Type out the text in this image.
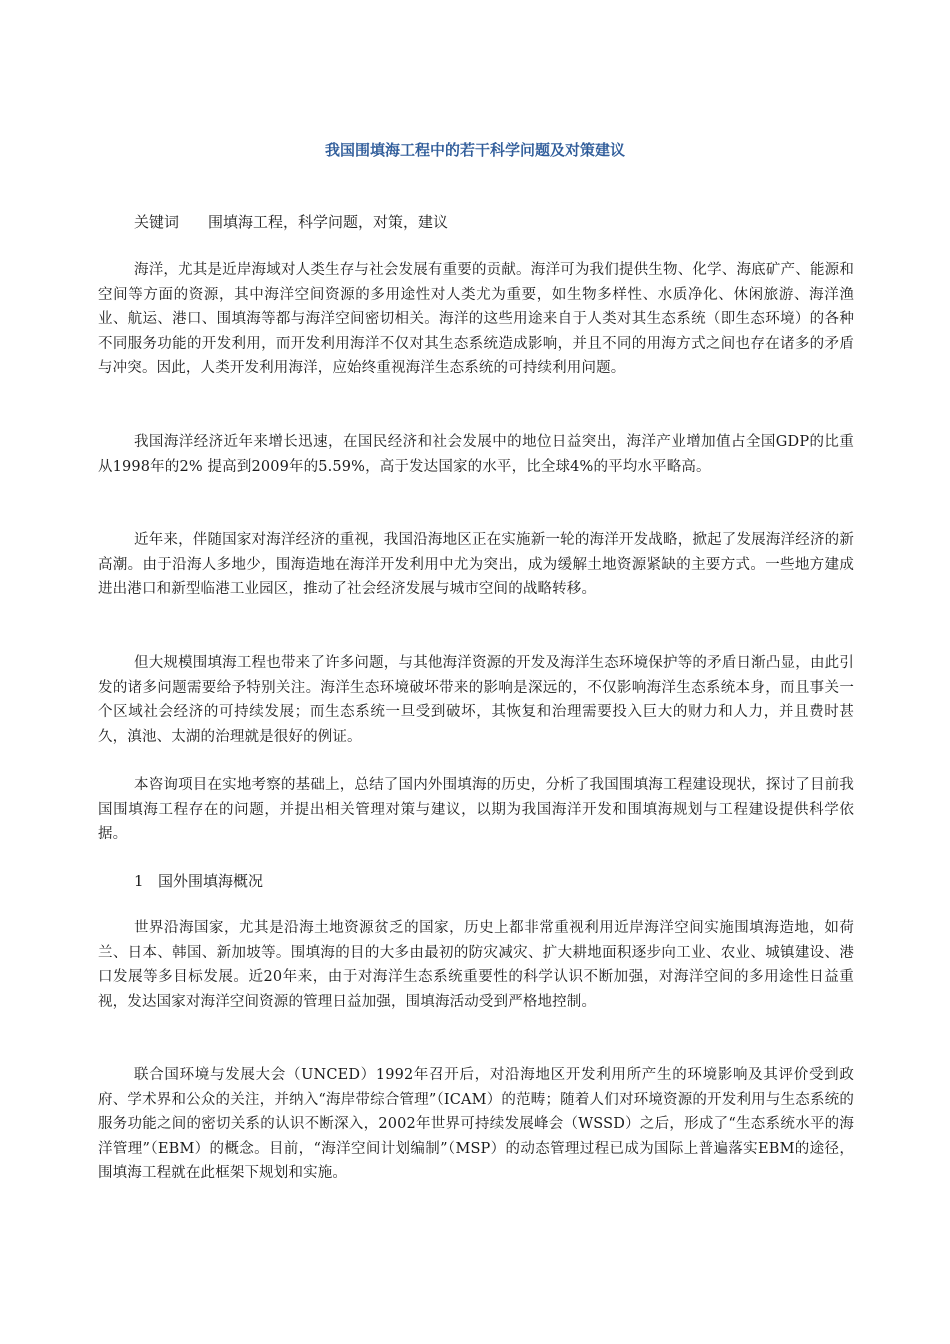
我国围填海工程中的若干科学问题及对策建议
关键词 围填海工程，科学问题，对策，建议

海洋，尤其是近岸海域对人类生存与社会发展有重要的贡献。海洋可为我们提供生物、化学、海底矿产、能源和空间等方面的资源，其中海洋空间资源的多用途性对人类尤为重要，如生物多样性、水质净化、休闲旅游、海洋渔业、航运、港口、围填海等都与海洋空间密切相关。海洋的这些用途来自于人类对其生态系统（即生态环境）的各种不同服务功能的开发利用，而开发利用海洋不仅对其生态系统造成影响，并且不同的用海方式之间也存在诸多的矛盾与冲突。因此，人类开发利用海洋，应始终重视海洋生态系统的可持续利用问题。

我国海洋经济近年来增长迅速，在国民经济和社会发展中的地位日益突出，海洋产业增加值占全国GDP的比重从1998年的2% 提高到2009年的5.59%，高于发达国家的水平，比全球4%的平均水平略高。

近年来，伴随国家对海洋经济的重视，我国沿海地区正在实施新一轮的海洋开发战略，掀起了发展海洋经济的新高潮。由于沿海人多地少，围海造地在海洋开发利用中尤为突出，成为缓解土地资源紧缺的主要方式。一些地方建成进出港口和新型临港工业园区，推动了社会经济发展与城市空间的战略转移。

但大规模围填海工程也带来了许多问题，与其他海洋资源的开发及海洋生态环境保护等的矛盾日渐凸显，由此引发的诸多问题需要给予特别关注。海洋生态环境破坏带来的影响是深远的，不仅影响海洋生态系统本身，而且事关一个区域社会经济的可持续发展；而生态系统一旦受到破坏，其恢复和治理需要投入巨大的财力和人力，并且费时甚久，滇池、太湖的治理就是很好的例证。

本咨询项目在实地考察的基础上，总结了国内外围填海的历史，分析了我国围填海工程建设现状，探讨了目前我国围填海工程存在的问题，并提出相关管理对策与建议，以期为我国海洋开发和围填海规划与工程建设提供科学依据。

1 国外围填海概况

世界沿海国家，尤其是沿海土地资源贫乏的国家，历史上都非常重视利用近岸海洋空间实施围填海造地，如荷兰、日本、韩国、新加坡等。围填海的目的大多由最初的防灾减灾、扩大耕地面积逐步向工业、农业、城镇建设、港口发展等多目标发展。近20年来，由于对海洋生态系统重要性的科学认识不断加强，对海洋空间的多用途性日益重视，发达国家对海洋空间资源的管理日益加强，围填海活动受到严格地控制。

联合国环境与发展大会（UNCED）1992年召开后，对沿海地区开发利用所产生的环境影响及其评价受到政府、学术界和公众的关注，并纳入“海岸带综合管理”（ICAM）的范畴；随着人们对环境资源的开发利用与生态系统的服务功能之间的密切关系的认识不断深入，2002年世界可持续发展峰会（WSSD）之后，形成了“生态系统水平的海洋管理”（EBM）的概念。目前，“海洋空间计划编制”（MSP）的动态管理过程已成为国际上普遍落实EBM的途径，围填海工程就在此框架下规划和实施。
